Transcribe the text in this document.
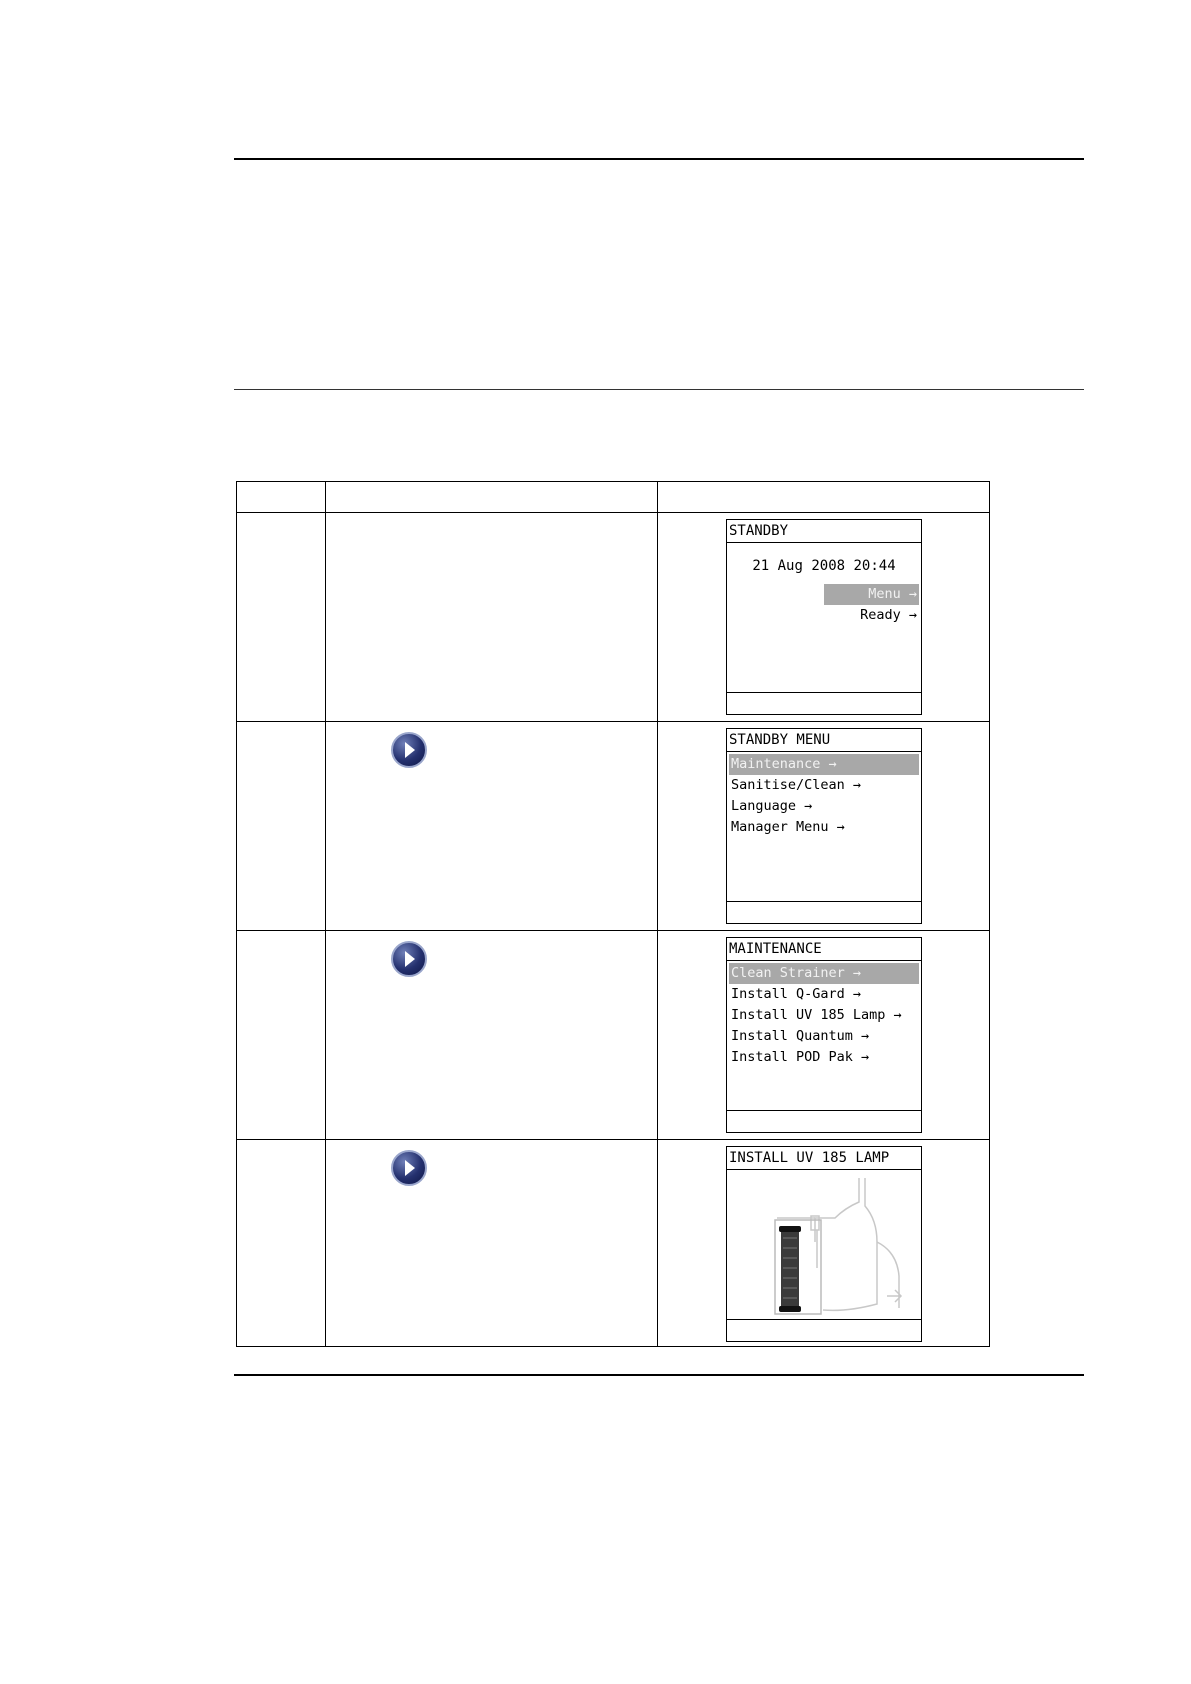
STANDBY
21 Aug 2008 20:44
Menu →
Ready →
STANDBY MENU
Maintenance →
Sanitise/Clean →
Language →
Manager Menu →
MAINTENANCE
Clean Strainer →
Install Q-Gard →
Install UV 185 Lamp →
Install Quantum →
Install POD Pak →
INSTALL UV 185 LAMP
